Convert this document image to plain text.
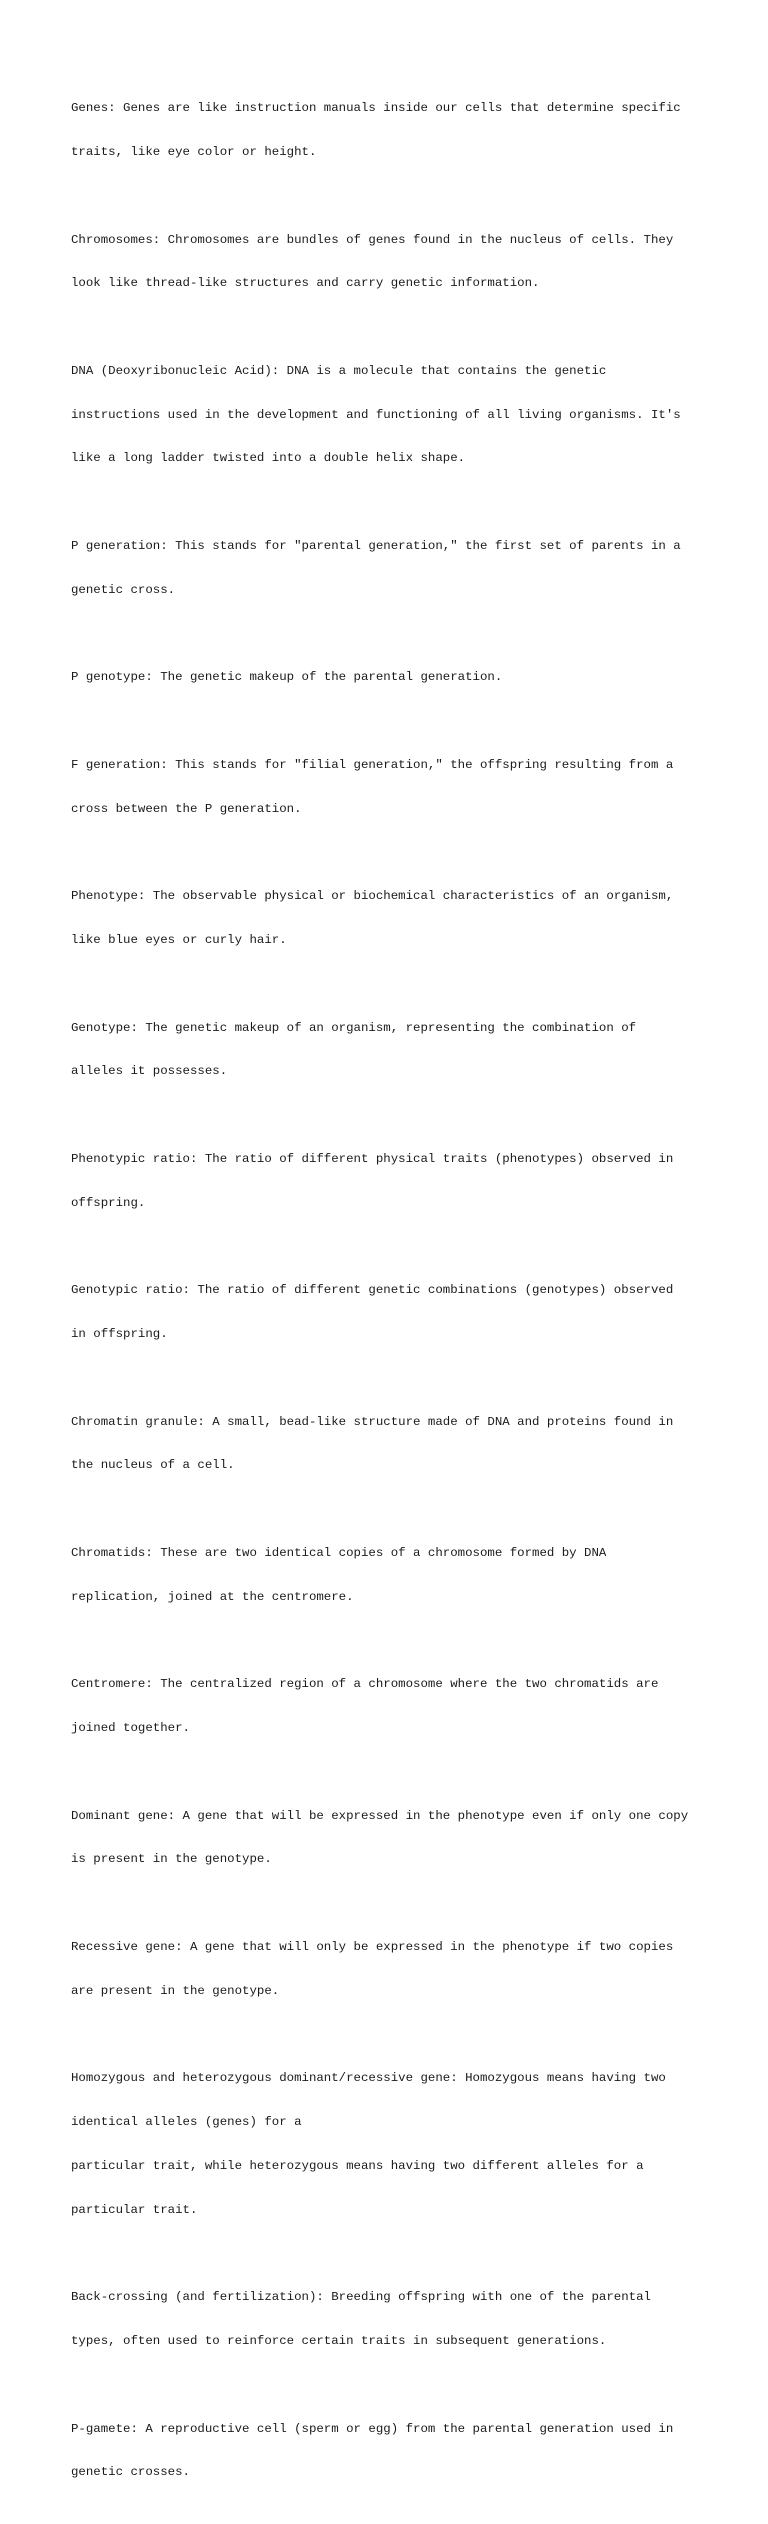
Genes: Genes are like instruction manuals inside our cells that determine specific

traits, like eye color or height.

Chromosomes: Chromosomes are bundles of genes found in the nucleus of cells. They

look like thread-like structures and carry genetic information.

DNA (Deoxyribonucleic Acid): DNA is a molecule that contains the genetic

instructions used in the development and functioning of all living organisms. It's

like a long ladder twisted into a double helix shape.

P generation: This stands for "parental generation," the first set of parents in a

genetic cross.

P genotype: The genetic makeup of the parental generation.

F generation: This stands for "filial generation," the offspring resulting from a

cross between the P generation.

Phenotype: The observable physical or biochemical characteristics of an organism,

like blue eyes or curly hair.

Genotype: The genetic makeup of an organism, representing the combination of

alleles it possesses.

Phenotypic ratio: The ratio of different physical traits (phenotypes) observed in

offspring.

Genotypic ratio: The ratio of different genetic combinations (genotypes) observed

in offspring.

Chromatin granule: A small, bead-like structure made of DNA and proteins found in

the nucleus of a cell.

Chromatids: These are two identical copies of a chromosome formed by DNA

replication, joined at the centromere.

Centromere: The centralized region of a chromosome where the two chromatids are

joined together.

Dominant gene: A gene that will be expressed in the phenotype even if only one copy

is present in the genotype.

Recessive gene: A gene that will only be expressed in the phenotype if two copies

are present in the genotype.

Homozygous and heterozygous dominant/recessive gene: Homozygous means having two

identical alleles (genes) for a

particular trait, while heterozygous means having two different alleles for a

particular trait.

Back-crossing (and fertilization): Breeding offspring with one of the parental

types, often used to reinforce certain traits in subsequent generations.

P-gamete: A reproductive cell (sperm or egg) from the parental generation used in

genetic crosses.
